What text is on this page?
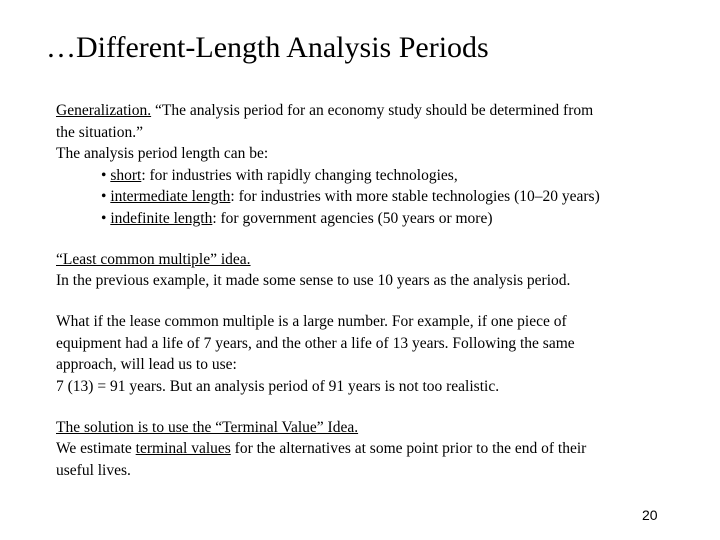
…Different-Length Analysis Periods
Generalization. “The analysis period for an economy study should be determined from
the situation.”
The analysis period length can be:
• short: for industries with rapidly changing technologies,
• intermediate length: for industries with more stable technologies (10–20 years)
• indefinite length: for government agencies (50 years or more)
“Least common multiple” idea.
In the previous example, it made some sense to use 10 years as the analysis period.
What if the lease common multiple is a large number. For example, if one piece of
equipment had a life of 7 years, and the other a life of 13 years. Following the same
approach, will lead us to use:
7 (13) = 91 years. But an analysis period of 91 years is not too realistic.
The solution is to use the “Terminal Value” Idea.
We estimate terminal values for the alternatives at some point prior to the end of their
useful lives.
20
